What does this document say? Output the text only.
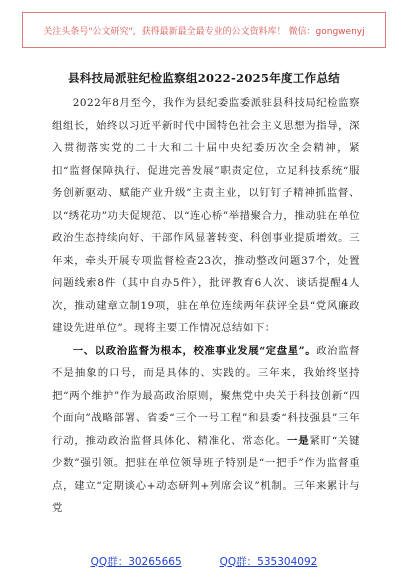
关注头条号"公文研究"，获得最新最全最专业的公文资料库！ 微信：gongwenyj
县科技局派驻纪检监察组2022-2025年度工作总结

2022年8月至今，我作为县纪委监委派驻县科技局纪检监察组组长，始终以习近平新时代中国特色社会主义思想为指导，深入贯彻落实党的二十大和二十届中央纪委历次全会精神，紧扣“监督保障执行、促进完善发展”职责定位，立足科技系统“服务创新驱动、赋能产业升级”主责主业，以钉钉子精神抓监督、以“绣花功”功夫促规范、以“连心桥”举措聚合力，推动驻在单位政治生态持续向好、干部作风显著转变、科创事业提质增效。三年来，牵头开展专项监督检查23次，推动整改问题37个，处置问题线索8件（其中自办5件），批评教育6人次、谈话提醒4人次，推动建章立制19项，驻在单位连续两年获评全县“党风廉政建设先进单位”。现将主要工作情况总结如下：

一、以政治监督为根本，校准事业发展“定盘星”。政治监督不是抽象的口号，而是具体的、实践的。三年来，我始终坚持把“两个维护”作为最高政治原则，聚焦党中央关于科技创新“四个面向”战略部署、省委“三个一号工程”和县委“科技强县”三年行动，推动政治监督具体化、精准化、常态化。一是紧盯“关键少数”强引领。把驻在单位领导班子特别是“一把手”作为监督重点，建立“定期谈心+动态研判+列席会议”机制。三年来累计与党

QQ群：30265665	QQ群：535304092
